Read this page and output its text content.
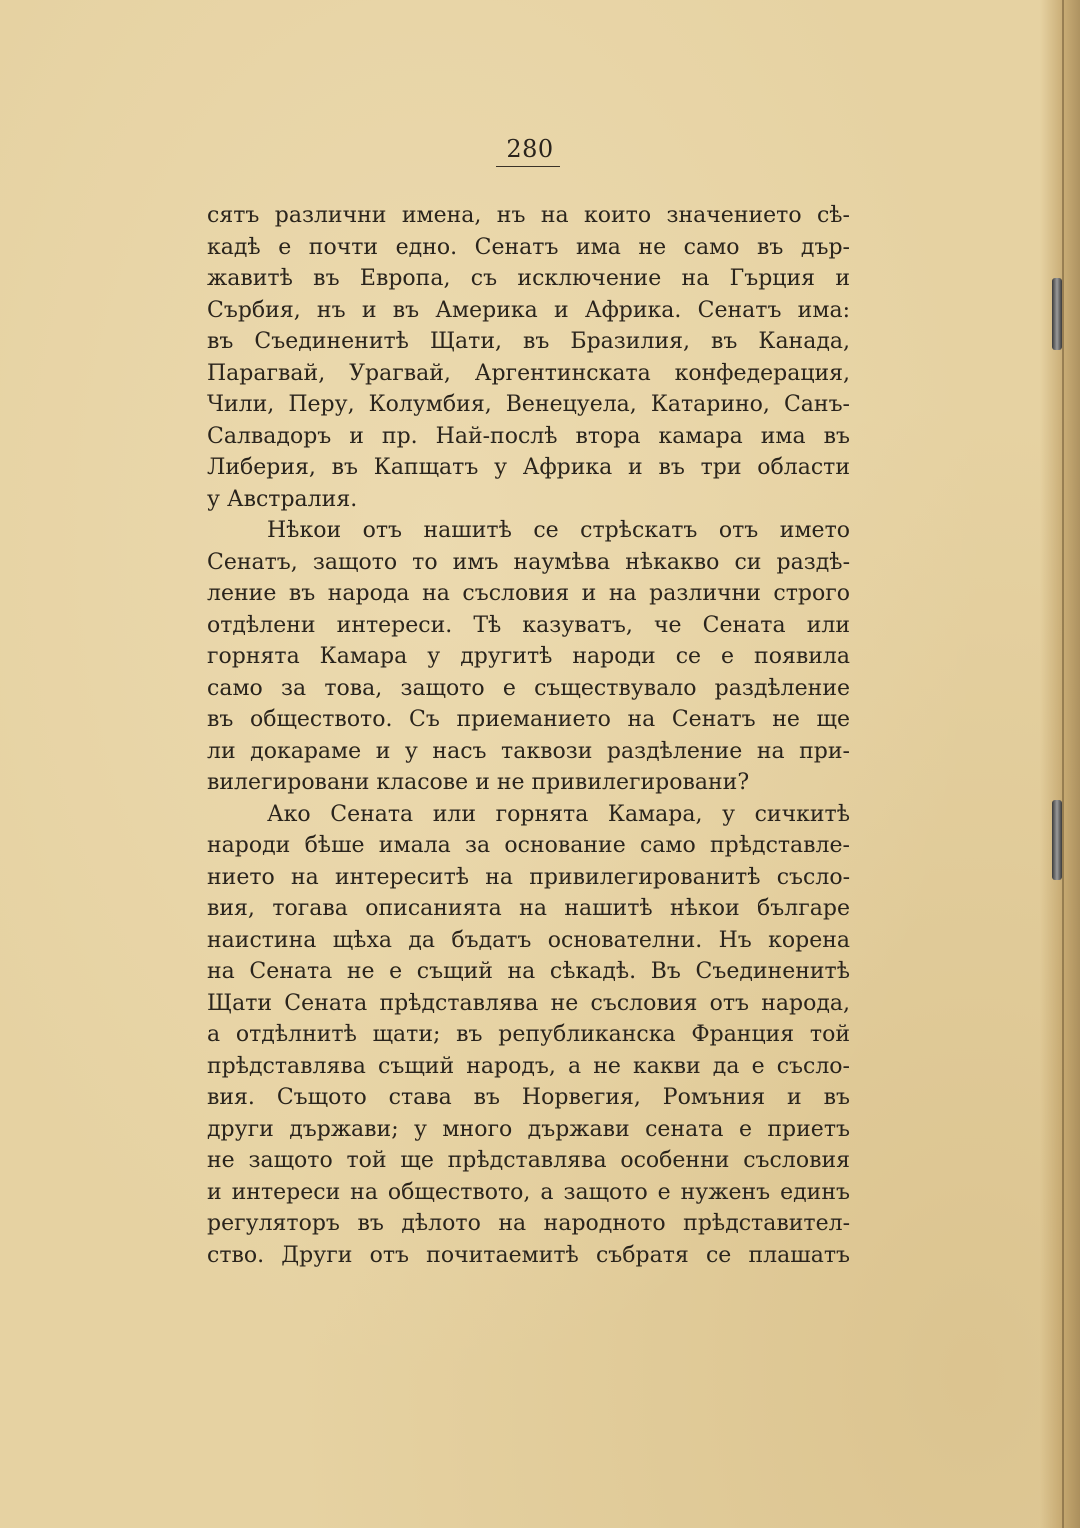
280
сятъ различни имена, нъ на които значението сѣ-
кадѣ е почти едно. Сенатъ има не само въ дър-
жавитѣ въ Европа, съ исключение на Гърция и
Сърбия, нъ и въ Америка и Африка. Сенатъ има:
въ Съединенитѣ Щати, въ Бразилия, въ Канада,
Парагвай, Урагвай, Аргентинската конфедерация,
Чили, Перу, Колумбия, Венецуела, Катарино, Санъ-
Салвадоръ и пр. Най-послѣ втора камара има въ
Либерия, въ Капщатъ у Африка и въ три области
у Австралия.
Нѣкои отъ нашитѣ се стрѣскатъ отъ името
Сенатъ, защото то имъ наумѣва нѣкакво си раздѣ-
ление въ народа на съсловия и на различни строго
отдѣлени интереси. Тѣ казуватъ, че Сената или
горнята Камара у другитѣ народи се е появила
само за това, защото е съществувало раздѣление
въ обществото. Съ приеманието на Сенатъ не ще
ли докараме и у насъ таквози раздѣление на при-
вилегировани класове и не привилегировани?
Ако Сената или горнята Камара, у сичкитѣ
народи бѣше имала за основание само прѣдставле-
нието на интереситѣ на привилегированитѣ съсло-
вия, тогава описанията на нашитѣ нѣкои българе
наистина щѣха да бъдатъ основателни. Нъ корена
на Сената не е същий на сѣкадѣ. Въ Съединенитѣ
Щати Сената прѣдставлява не съсловия отъ народа,
а отдѣлнитѣ щати; въ републиканска Франция той
прѣдставлява същий народъ, а не какви да е съсло-
вия. Същото става въ Норвегия, Ромъния и въ
други държави; у много държави сената е приетъ
не защото той ще прѣдставлява особенни съсловия
и интереси на обществото, а защото е нуженъ единъ
регуляторъ въ дѣлото на народното прѣдставител-
ство. Други отъ почитаемитѣ събратя се плашатъ
